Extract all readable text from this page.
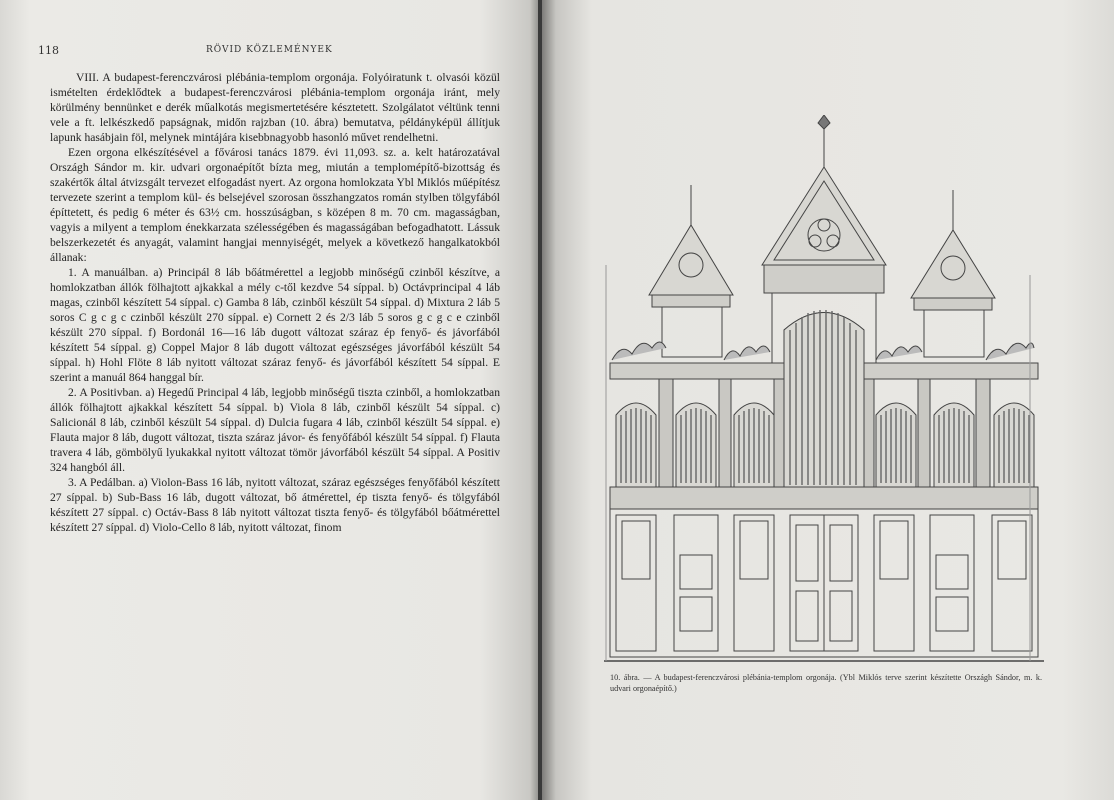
118	RÖVID KÖZLEMÉNYEK

VIII. A budapest-ferenczvárosi plébánia-templom orgonája. Folyóiratunk t. olvasói közül ismételten érdeklődtek a budapest-ferenczvárosi plébánia-templom orgonája iránt, mely körülmény bennünket e derék műalkotás megismertetésére késztetett. Szolgálatot véltünk tenni vele a ft. lelkészkedő papságnak, midőn rajzban (10. ábra) bemutatva, példányképül állítjuk lapunk hasábjain föl, melynek mintájára kisebbnagyobb hasonló művet rendelhetni.

Ezen orgona elkészítésével a fővárosi tanács 1879. évi 11,093. sz. a. kelt határozatával Országh Sándor m. kir. udvari orgonaépítőt bízta meg, miután a templomépítő-bizottság és szakértők által átvizsgált tervezet elfogadást nyert. Az orgona homlokzata Ybl Miklós műépítész tervezete szerint a templom kül- és belsejével szorosan összhangzatos román stylben tölgyfából építtetett, és pedig 6 méter és 63½ cm. hosszúságban, s középen 8 m. 70 cm. magasságban, vagyis a milyent a templom énekkarzata szélességében és magasságában befogadhatott. Lássuk belszerkezetét és anyagát, valamint hangjai mennyiségét, melyek a következő hangalkatokból állanak:

1. A manuálban. a) Principál 8 láb bőátmérettel a legjobb minőségű czinből készítve, a homlokzatban állók fölhajtott ajkakkal a mély c-től kezdve 54 síppal. b) Octávprincipal 4 láb magas, czinből készített 54 síppal. c) Gamba 8 láb, czinből készült 54 síppal. d) Mixtura 2 láb 5 soros C g c g c czinből készült 270 síppal. e) Cornett 2 és 2/3 láb 5 soros g c g c e czinből készült 270 síppal. f) Bordonál 16—16 láb dugott változat száraz ép fenyő- és jávorfából készített 54 síppal. g) Coppel Major 8 láb dugott változat egészséges jávorfából készült 54 síppal. h) Hohl Flöte 8 láb nyitott változat száraz fenyő- és jávorfából készített 54 síppal. E szerint a manuál 864 hanggal bír.

2. A Positivban. a) Hegedű Principal 4 láb, legjobb minőségű tiszta czinből, a homlokzatban állók fölhajtott ajkakkal készített 54 síppal. b) Viola 8 láb, czinből készült 54 síppal. c) Salicionál 8 láb, czinből készült 54 síppal. d) Dulcia fugara 4 láb, czinből készült 54 síppal. e) Flauta major 8 láb, dugott változat, tiszta száraz jávor- és fenyőfából készült 54 síppal. f) Flauta travera 4 láb, gömbölyű lyukakkal nyitott változat tömör jávorfából készült 54 síppal. A Positiv 324 hangból áll.

3. A Pedálban. a) Violon-Bass 16 láb, nyitott változat, száraz egészséges fenyőfából készített 27 síppal. b) Sub-Bass 16 láb, dugott változat, bő átmérettel, ép tiszta fenyő- és tölgyfából készített 27 síppal. c) Octáv-Bass 8 láb nyitott változat tiszta fenyő- és tölgyfából bőátmérettel készített 27 síppal. d) Violo-Cello 8 láb, nyitott változat, finom

10. ábra. — A budapest-ferenczvárosi plébánia-templom orgonája. (Ybl Miklós terve szerint készítette Országh Sándor, m. k. udvari orgonaépítő.)
